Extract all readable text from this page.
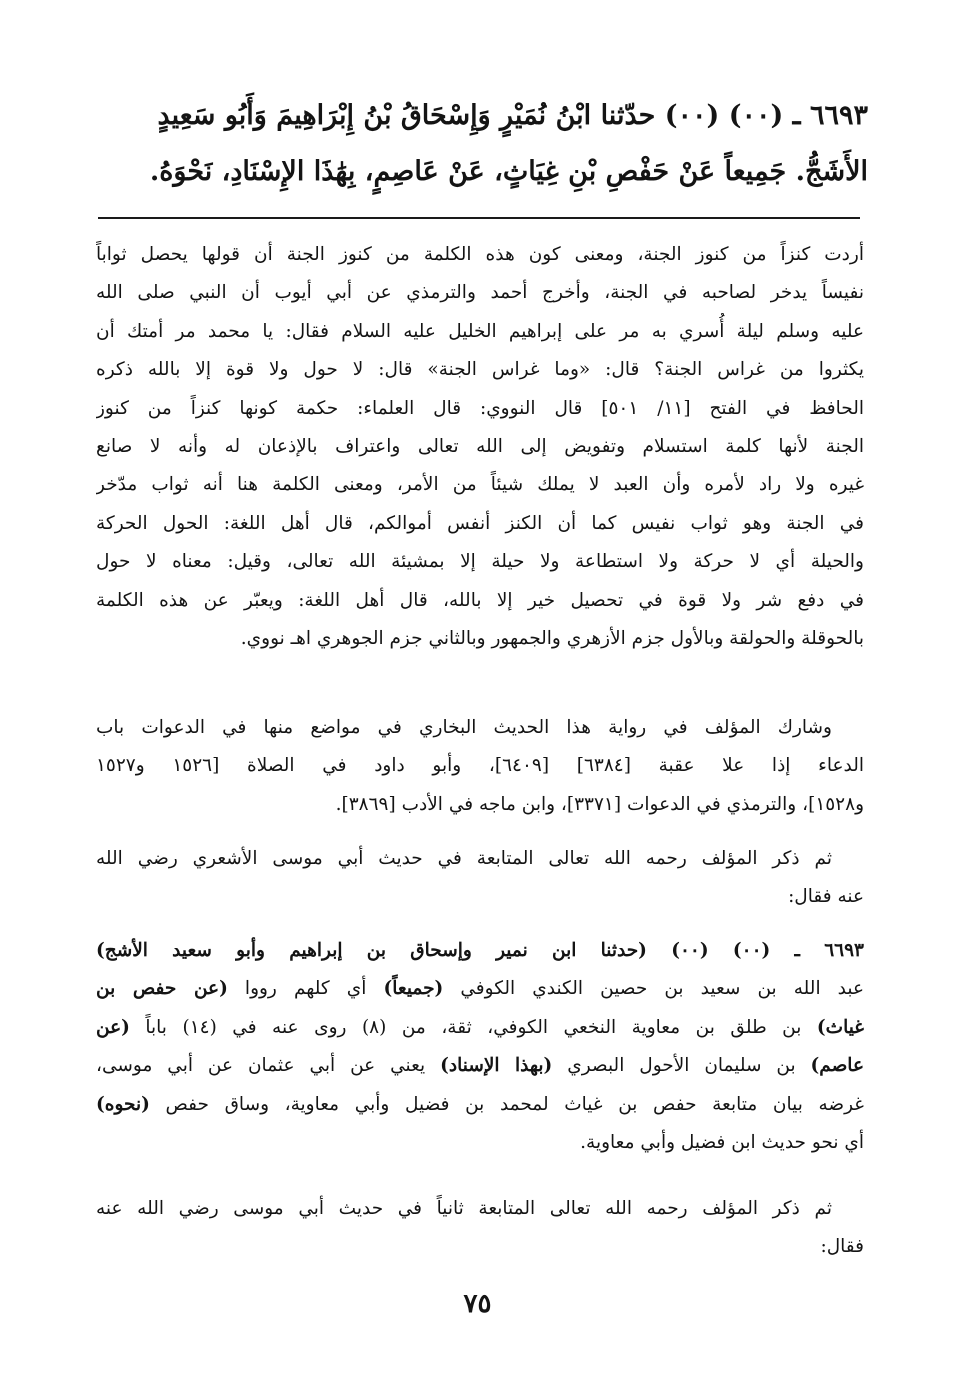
٦٦٩٣ ـ (٠٠) (٠٠) حدّثنا ابْنُ نُمَيْرٍ وَإِسْحَاقُ بْنُ إِبْرَاهِيمَ وَأَبُو سَعِيدٍ

الأَشَجُّ. جَمِيعاً عَنْ حَفْصِ بْنِ غِيَاثٍ، عَنْ عَاصِمٍ، بِهَٰذَا الإِسْنَادِ، نَحْوَهُ.

أردت كنزاً من كنوز الجنة، ومعنى كون هذه الكلمة من كنوز الجنة أن قولها يحصل ثواباً
نفيساً يدخر لصاحبه في الجنة، وأخرج أحمد والترمذي عن أبي أيوب أن النبي صلى الله
عليه وسلم ليلة أُسري به مر على إبراهيم الخليل عليه السلام فقال: يا محمد مر أمتك أن
يكثروا من غراس الجنة؟ قال: «وما غراس الجنة» قال: لا حول ولا قوة إلا بالله ذكره
الحافظ في الفتح [١١/ ٥٠١] قال النووي: قال العلماء: حكمة كونها كنزاً من كنوز
الجنة لأنها كلمة استسلام وتفويض إلى الله تعالى واعتراف بالإذعان له وأنه لا صانع
غيره ولا راد لأمره وأن العبد لا يملك شيئاً من الأمر، ومعنى الكلمة هنا أنه ثواب مدّخر
في الجنة وهو ثواب نفيس كما أن الكنز أنفس أموالكم، قال أهل اللغة: الحول الحركة
والحيلة أي لا حركة ولا استطاعة ولا حيلة إلا بمشيئة الله تعالى، وقيل: معناه لا حول
في دفع شر ولا قوة في تحصيل خير إلا بالله، قال أهل اللغة: ويعبّر عن هذه الكلمة
بالحوقلة والحولقة وبالأول جزم الأزهري والجمهور وبالثاني جزم الجوهري اهـ نووي.
وشارك المؤلف في رواية هذا الحديث البخاري في مواضع منها في الدعوات باب
الدعاء إذا علا عقبة [٦٣٨٤] [٦٤٠٩]، وأبو داود في الصلاة [١٥٢٦ و١٥٢٧
و١٥٢٨]، والترمذي في الدعوات [٣٣٧١]، وابن ماجه في الأدب [٣٨٦٩].
ثم ذكر المؤلف رحمه الله تعالى المتابعة في حديث أبي موسى الأشعري رضي الله
عنه فقال:
٦٦٩٣ ـ (٠٠) (٠٠) (حدثنا ابن نمير وإسحاق بن إبراهيم وأبو سعيد الأشج)
عبد الله بن سعيد بن حصين الكندي الكوفي (جميعاً) أي كلهم رووا (عن حفص بن
غياث) بن طلق بن معاوية النخعي الكوفي، ثقة، من (٨) روى عنه في (١٤) باباً (عن
عاصم) بن سليمان الأحول البصري (بهذا الإسناد) يعني عن أبي عثمان عن أبي موسى،
غرضه بيان متابعة حفص بن غياث لمحمد بن فضيل وأبي معاوية، وساق حفص (نحوه)
أي نحو حديث ابن فضيل وأبي معاوية.
ثم ذكر المؤلف رحمه الله تعالى المتابعة ثانياً في حديث أبي موسى رضي الله عنه
فقال:
٧٥
